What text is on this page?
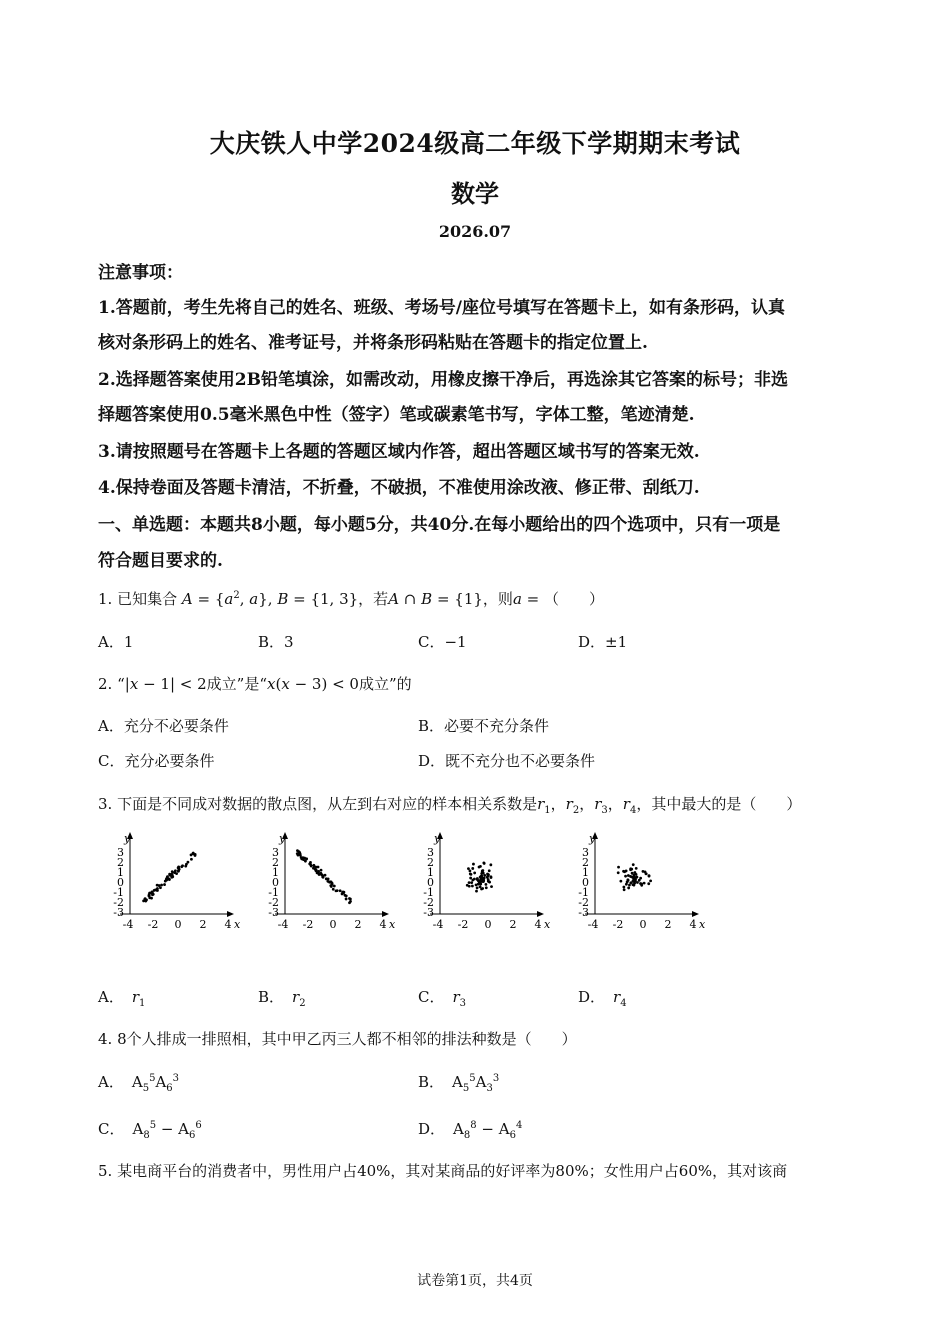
大庆铁人中学2024级高二年级下学期期末考试
数学
2026.07
注意事项：
1.答题前，考生先将自己的姓名、班级、考场号/座位号填写在答题卡上，如有条形码，认真
核对条形码上的姓名、准考证号，并将条形码粘贴在答题卡的指定位置上.
2.选择题答案使用2B铅笔填涂，如需改动，用橡皮擦干净后，再选涂其它答案的标号；非选
择题答案使用0.5毫米黑色中性（签字）笔或碳素笔书写，字体工整，笔迹清楚.
3.请按照题号在答题卡上各题的答题区域内作答，超出答题区域书写的答案无效.
4.保持卷面及答题卡清洁，不折叠，不破损，不准使用涂改液、修正带、刮纸刀.
一、单选题：本题共8小题，每小题5分，共40分.在每小题给出的四个选项中，只有一项是
符合题目要求的.
1. 已知集合 $A = \{a^2$, a}, B = {1, 3}，若A ∩ B = {1}，则a = （　　）
A．1	B．3	C．−1	D．±1
2. “|x − 1| < 2成立”是“x(x − 3) < 0成立”的
A．充分不必要条件	B．必要不充分条件
C．充分必要条件	D．既不充分也不必要条件
3. 下面是不同成对数据的散点图，从左到右对应的样本相关系数是$r_1$，$r_2$，$r_3$，$r_4$，其中最大的是（　　）
3
2
1
0
-1
-2
-3
-4 -2 0 2 4
y
x
3
2
1
0
-1
-2
-3
-4 -2 0 2 4
y
x
3
2
1
0
-1
-2
-3
-4 -2 0 2 4
y
x
3
2
1
0
-1
-2
-3
-4 -2 0 2 4
y
x
A． $r_1$	B． $r_2$	C． $r_3$	D． $r_4$
4. 8个人排成一排照相，其中甲乙丙三人都不相邻的排法种数是（　　）
A． $A_5^5A_6^3$	B． $A_5^5A_3^3$
C． $A_8^5 - A_6^6$	D． $A_8^8 - A_6^4$
5. 某电商平台的消费者中，男性用户占40%，其对某商品的好评率为80%；女性用户占60%，其对该商
试卷第1页，共4页
